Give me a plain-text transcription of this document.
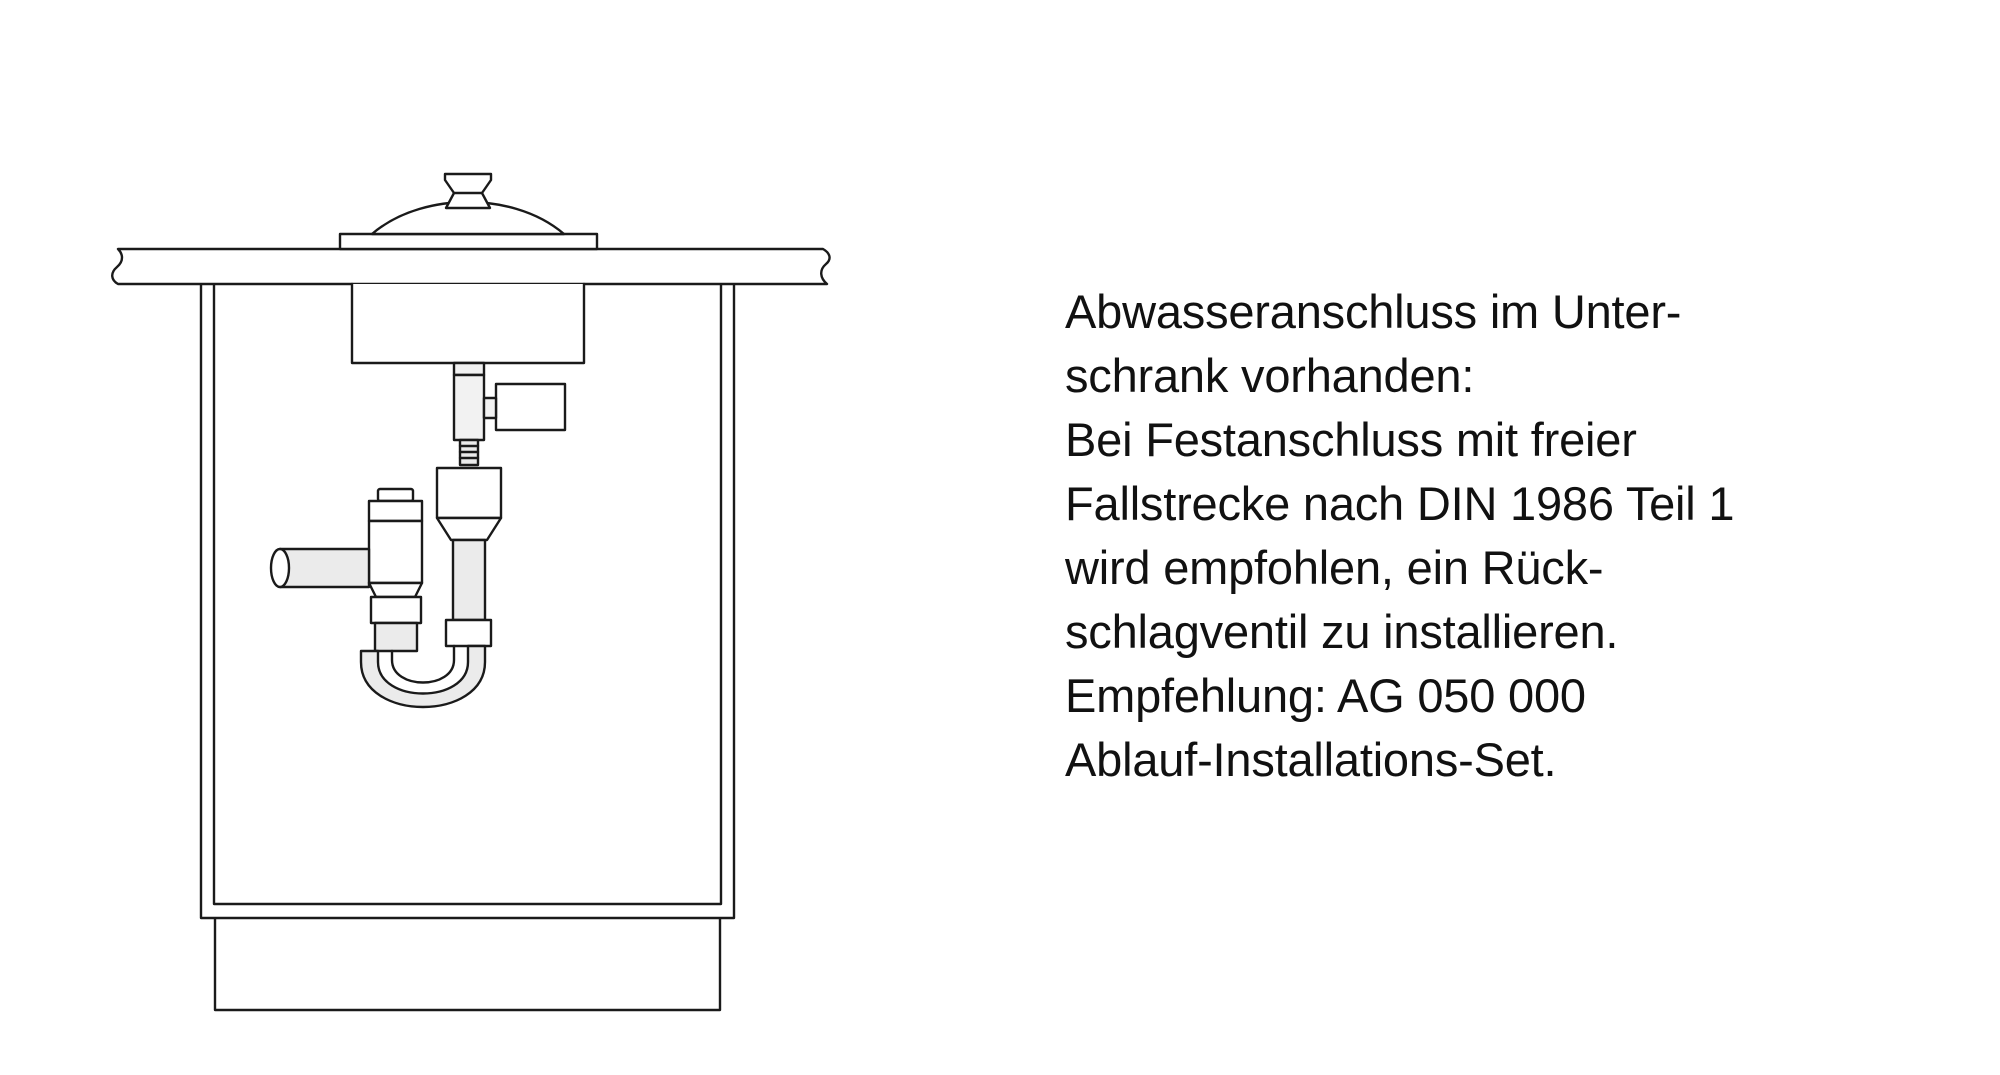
Abwasseranschluss im Unter-
schrank vorhanden:
Bei Festanschluss mit freier
Fallstrecke nach DIN 1986 Teil 1
wird empfohlen, ein Rück-
schlagventil zu installieren.
Empfehlung: AG 050 000
Ablauf-Installations-Set.
